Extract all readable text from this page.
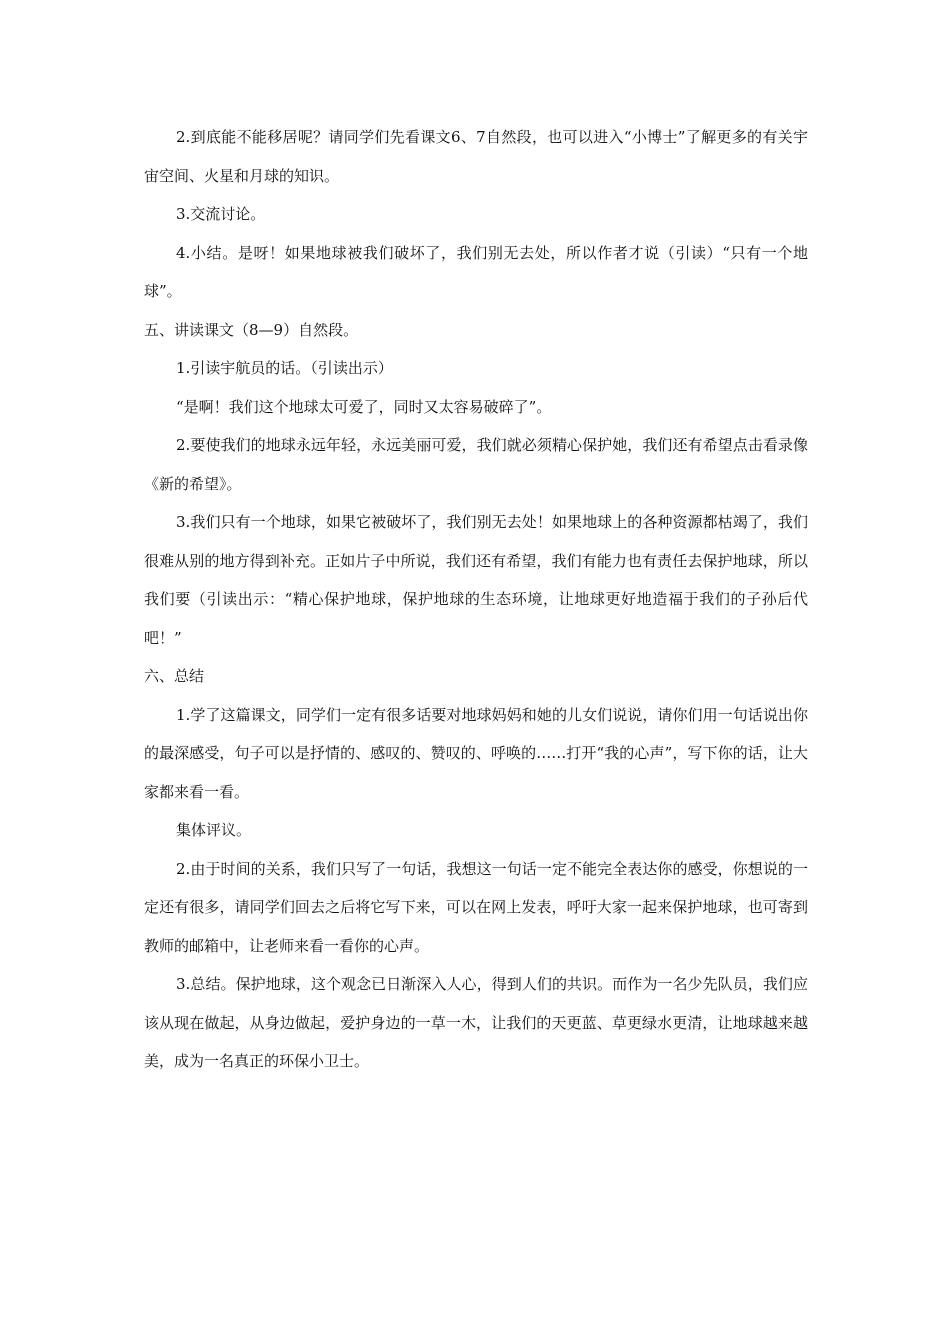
2.到底能不能移居呢？请同学们先看课文6、7自然段，也可以进入“小博士”了解更多的有关宇宙空间、火星和月球的知识。

3.交流讨论。

4.小结。是呀！如果地球被我们破坏了，我们别无去处，所以作者才说（引读）“只有一个地球”。

五、讲读课文（8—9）自然段。

1.引读宇航员的话。（引读出示）

“是啊！我们这个地球太可爱了，同时又太容易破碎了”。

2.要使我们的地球永远年轻，永远美丽可爱，我们就必须精心保护她，我们还有希望点击看录像《新的希望》。

3.我们只有一个地球，如果它被破坏了，我们别无去处！如果地球上的各种资源都枯竭了，我们很难从别的地方得到补充。正如片子中所说，我们还有希望，我们有能力也有责任去保护地球，所以我们要（引读出示：“精心保护地球，保护地球的生态环境，让地球更好地造福于我们的子孙后代吧！”

六、总结

1.学了这篇课文，同学们一定有很多话要对地球妈妈和她的儿女们说说，请你们用一句话说出你的最深感受，句子可以是抒情的、感叹的、赞叹的、呼唤的……打开“我的心声”，写下你的话，让大家都来看一看。

集体评议。

2.由于时间的关系，我们只写了一句话，我想这一句话一定不能完全表达你的感受，你想说的一定还有很多，请同学们回去之后将它写下来，可以在网上发表，呼吁大家一起来保护地球，也可寄到教师的邮箱中，让老师来看一看你的心声。

3.总结。保护地球，这个观念已日渐深入人心，得到人们的共识。而作为一名少先队员，我们应该从现在做起，从身边做起，爱护身边的一草一木，让我们的天更蓝、草更绿水更清，让地球越来越美，成为一名真正的环保小卫士。
